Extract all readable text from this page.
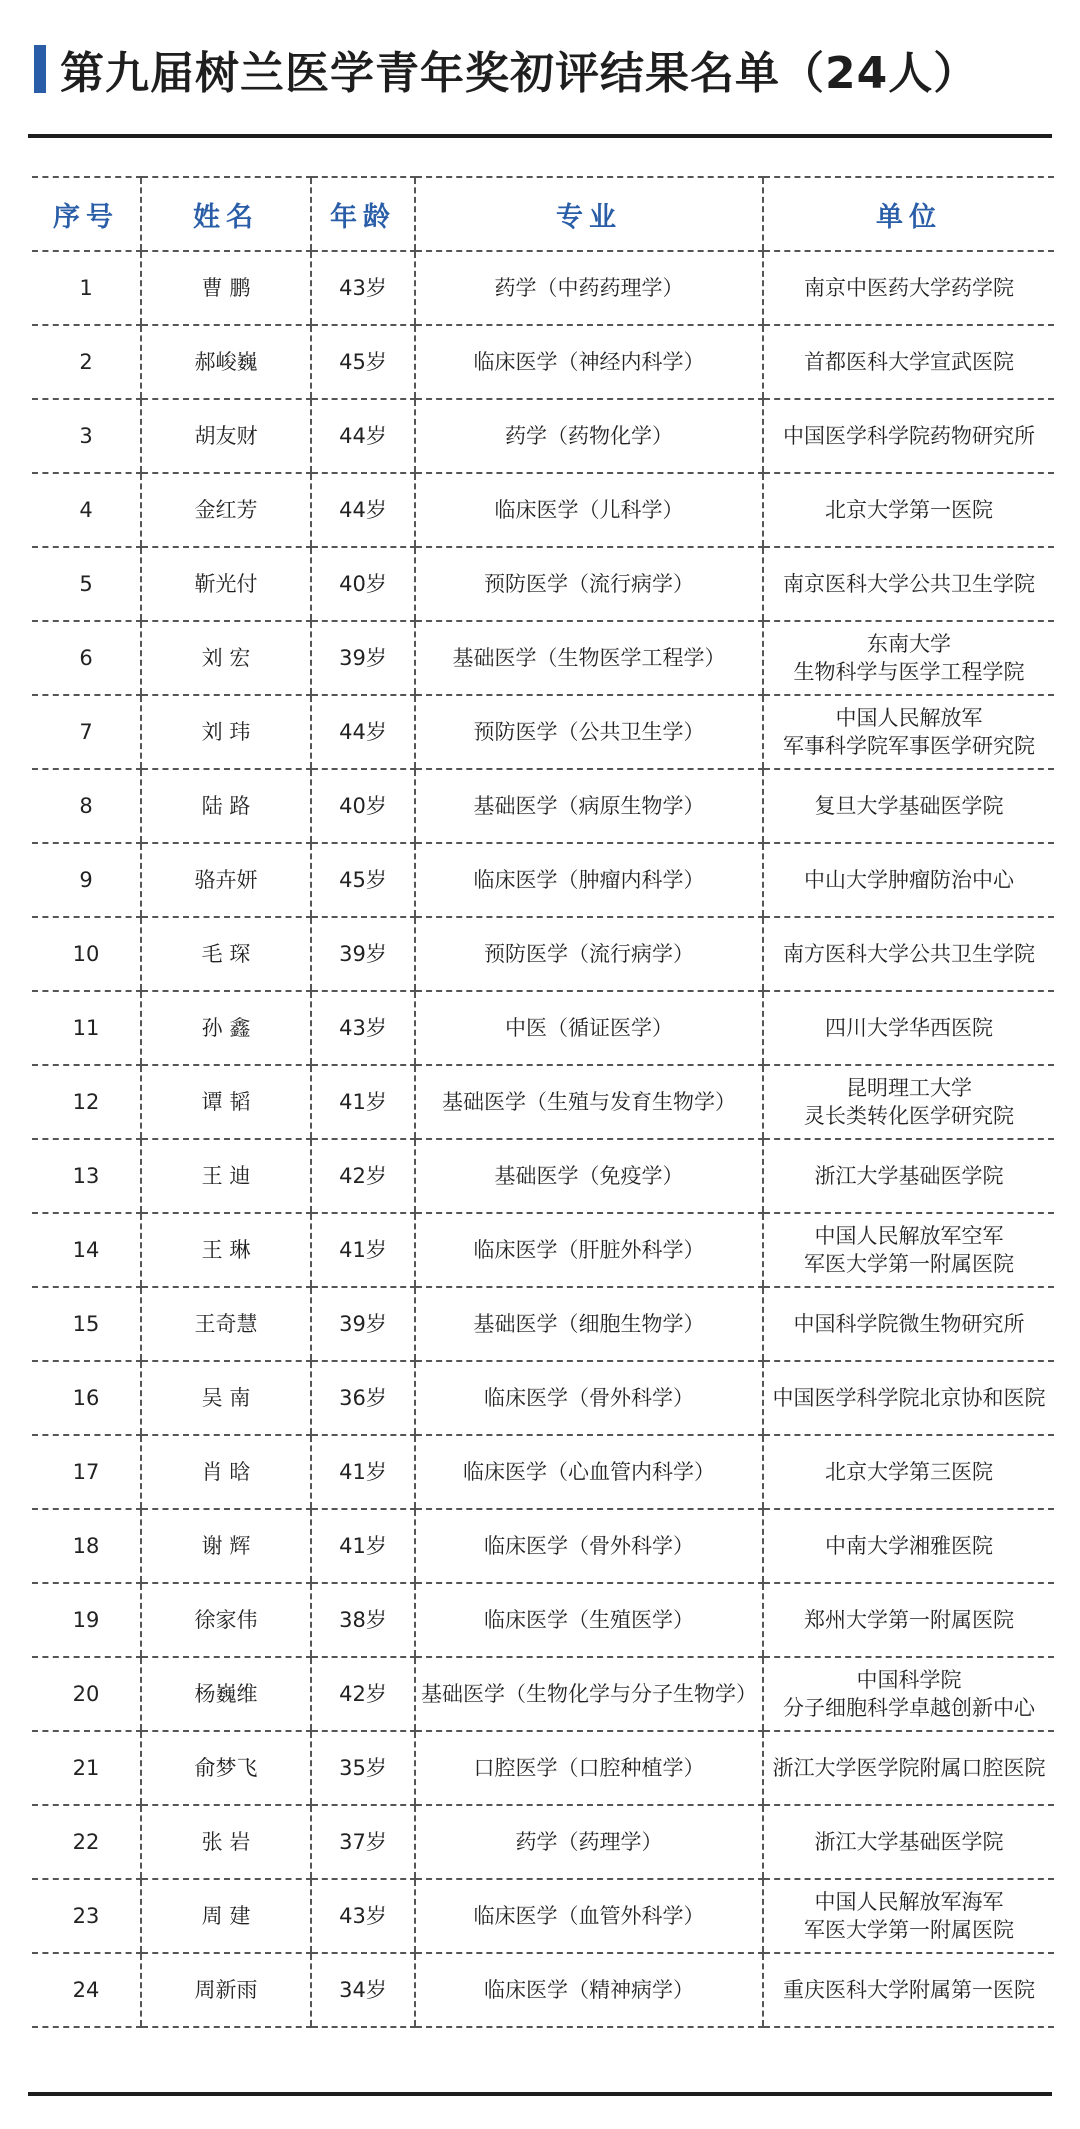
第九届树兰医学青年奖初评结果名单（24人）
序号	姓名	年龄	专业	单位
1	曹 鹏	43岁	药学（中药药理学）	南京中医药大学药学院

2	郝峻巍	45岁	临床医学（神经内科学）	首都医科大学宣武医院

3	胡友财	44岁	药学（药物化学）	中国医学科学院药物研究所

4	金红芳	44岁	临床医学（儿科学）	北京大学第一医院

5	靳光付	40岁	预防医学（流行病学）	南京医科大学公共卫生学院

6	刘 宏	39岁	基础医学（生物医学工程学）	东南大学
生物科学与医学工程学院

7	刘 玮	44岁	预防医学（公共卫生学）	中国人民解放军
军事科学院军事医学研究院

8	陆 路	40岁	基础医学（病原生物学）	复旦大学基础医学院

9	骆卉妍	45岁	临床医学（肿瘤内科学）	中山大学肿瘤防治中心

10	毛 琛	39岁	预防医学（流行病学）	南方医科大学公共卫生学院

11	孙 鑫	43岁	中医（循证医学）	四川大学华西医院

12	谭 韬	41岁	基础医学（生殖与发育生物学）	昆明理工大学
灵长类转化医学研究院

13	王 迪	42岁	基础医学（免疫学）	浙江大学基础医学院

14	王 琳	41岁	临床医学（肝脏外科学）	中国人民解放军空军
军医大学第一附属医院

15	王奇慧	39岁	基础医学（细胞生物学）	中国科学院微生物研究所

16	吴 南	36岁	临床医学（骨外科学）	中国医学科学院北京协和医院

17	肖 晗	41岁	临床医学（心血管内科学）	北京大学第三医院

18	谢 辉	41岁	临床医学（骨外科学）	中南大学湘雅医院

19	徐家伟	38岁	临床医学（生殖医学）	郑州大学第一附属医院

20	杨巍维	42岁	基础医学（生物化学与分子生物学）	中国科学院
分子细胞科学卓越创新中心

21	俞梦飞	35岁	口腔医学（口腔种植学）	浙江大学医学院附属口腔医院

22	张 岩	37岁	药学（药理学）	浙江大学基础医学院

23	周 建	43岁	临床医学（血管外科学）	中国人民解放军海军
军医大学第一附属医院

24	周新雨	34岁	临床医学（精神病学）	重庆医科大学附属第一医院
